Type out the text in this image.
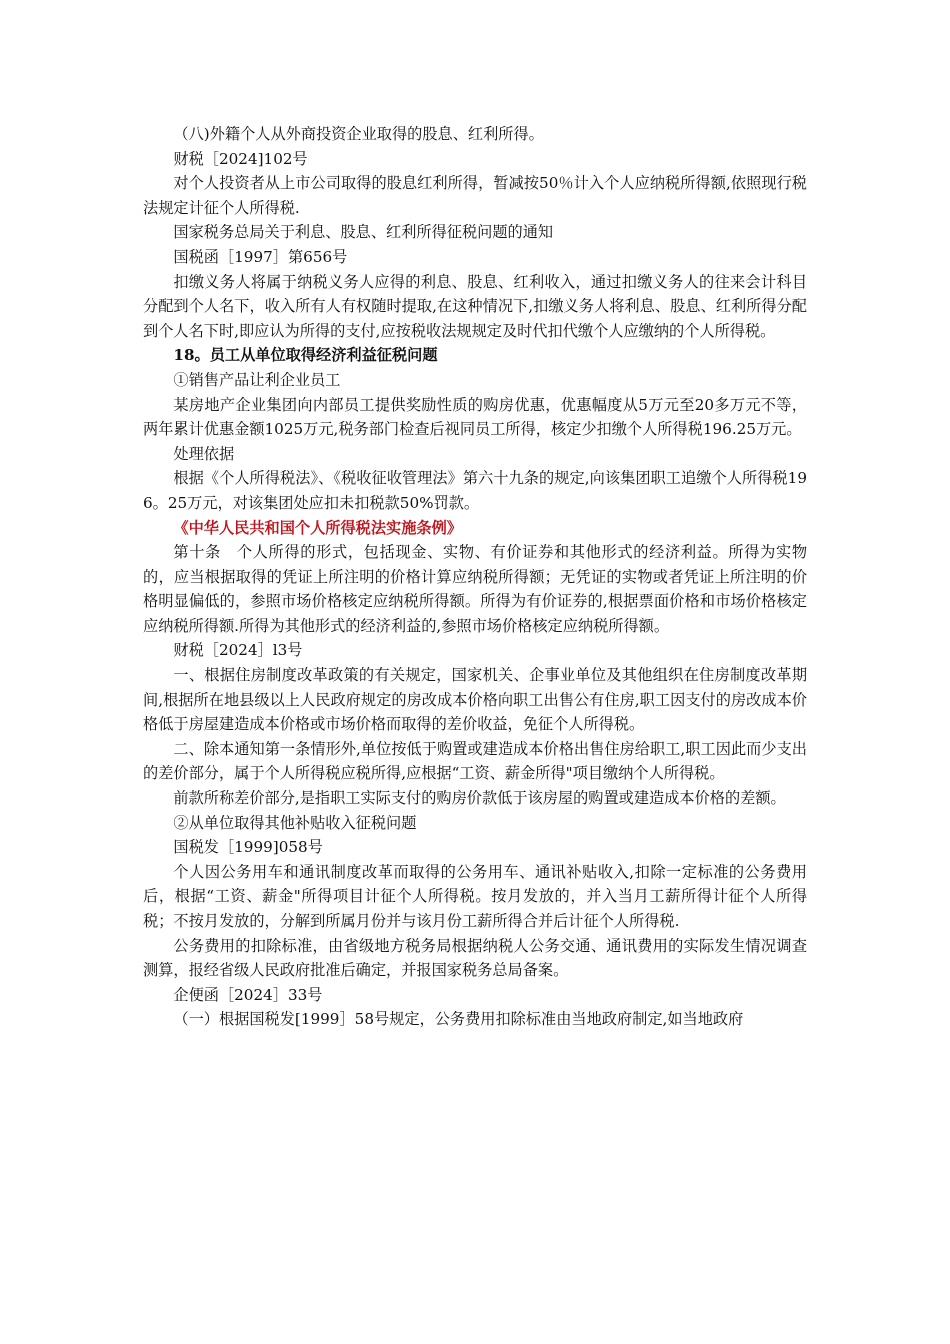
（八)外籍个人从外商投资企业取得的股息、红利所得。

财税［2024]102号

对个人投资者从上市公司取得的股息红利所得，暂减按50％计入个人应纳税所得额,依照现行税法规定计征个人所得税.

国家税务总局关于利息、股息、红利所得征税问题的通知

国税函［1997］第656号

扣缴义务人将属于纳税义务人应得的利息、股息、红利收入，通过扣缴义务人的往来会计科目分配到个人名下，收入所有人有权随时提取,在这种情况下,扣缴义务人将利息、股息、红利所得分配到个人名下时,即应认为所得的支付,应按税收法规规定及时代扣代缴个人应缴纳的个人所得税。

18。员工从单位取得经济利益征税问题

①销售产品让利企业员工

某房地产企业集团向内部员工提供奖励性质的购房优惠，优惠幅度从5万元至20多万元不等，两年累计优惠金额1025万元,税务部门检查后视同员工所得，核定少扣缴个人所得税196.25万元。

处理依据

根据《个人所得税法》、《税收征收管理法》第六十九条的规定,向该集团职工追缴个人所得税196。25万元，对该集团处应扣未扣税款50%罚款。

《中华人民共和国个人所得税法实施条例》

第十条　个人所得的形式，包括现金、实物、有价证券和其他形式的经济利益。所得为实物的，应当根据取得的凭证上所注明的价格计算应纳税所得额；无凭证的实物或者凭证上所注明的价格明显偏低的，参照市场价格核定应纳税所得额。所得为有价证券的,根据票面价格和市场价格核定应纳税所得额.所得为其他形式的经济利益的,参照市场价格核定应纳税所得额。

财税［2024］l3号

一、根据住房制度改革政策的有关规定，国家机关、企事业单位及其他组织在住房制度改革期间,根据所在地县级以上人民政府规定的房改成本价格向职工出售公有住房,职工因支付的房改成本价格低于房屋建造成本价格或市场价格而取得的差价收益，免征个人所得税。

二、除本通知第一条情形外,单位按低于购置或建造成本价格出售住房给职工,职工因此而少支出的差价部分，属于个人所得税应税所得,应根据“工资、薪金所得"项目缴纳个人所得税。

前款所称差价部分,是指职工实际支付的购房价款低于该房屋的购置或建造成本价格的差额。

②从单位取得其他补贴收入征税问题

国税发［1999]058号

个人因公务用车和通讯制度改革而取得的公务用车、通讯补贴收入,扣除一定标准的公务费用后，根据“工资、薪金"所得项目计征个人所得税。按月发放的，并入当月工薪所得计征个人所得税；不按月发放的，分解到所属月份并与该月份工薪所得合并后计征个人所得税.

公务费用的扣除标准，由省级地方税务局根据纳税人公务交通、通讯费用的实际发生情况调查测算，报经省级人民政府批准后确定，并报国家税务总局备案。

企便函［2024］33号

（一）根据国税发[1999］58号规定，公务费用扣除标准由当地政府制定,如当地政府
